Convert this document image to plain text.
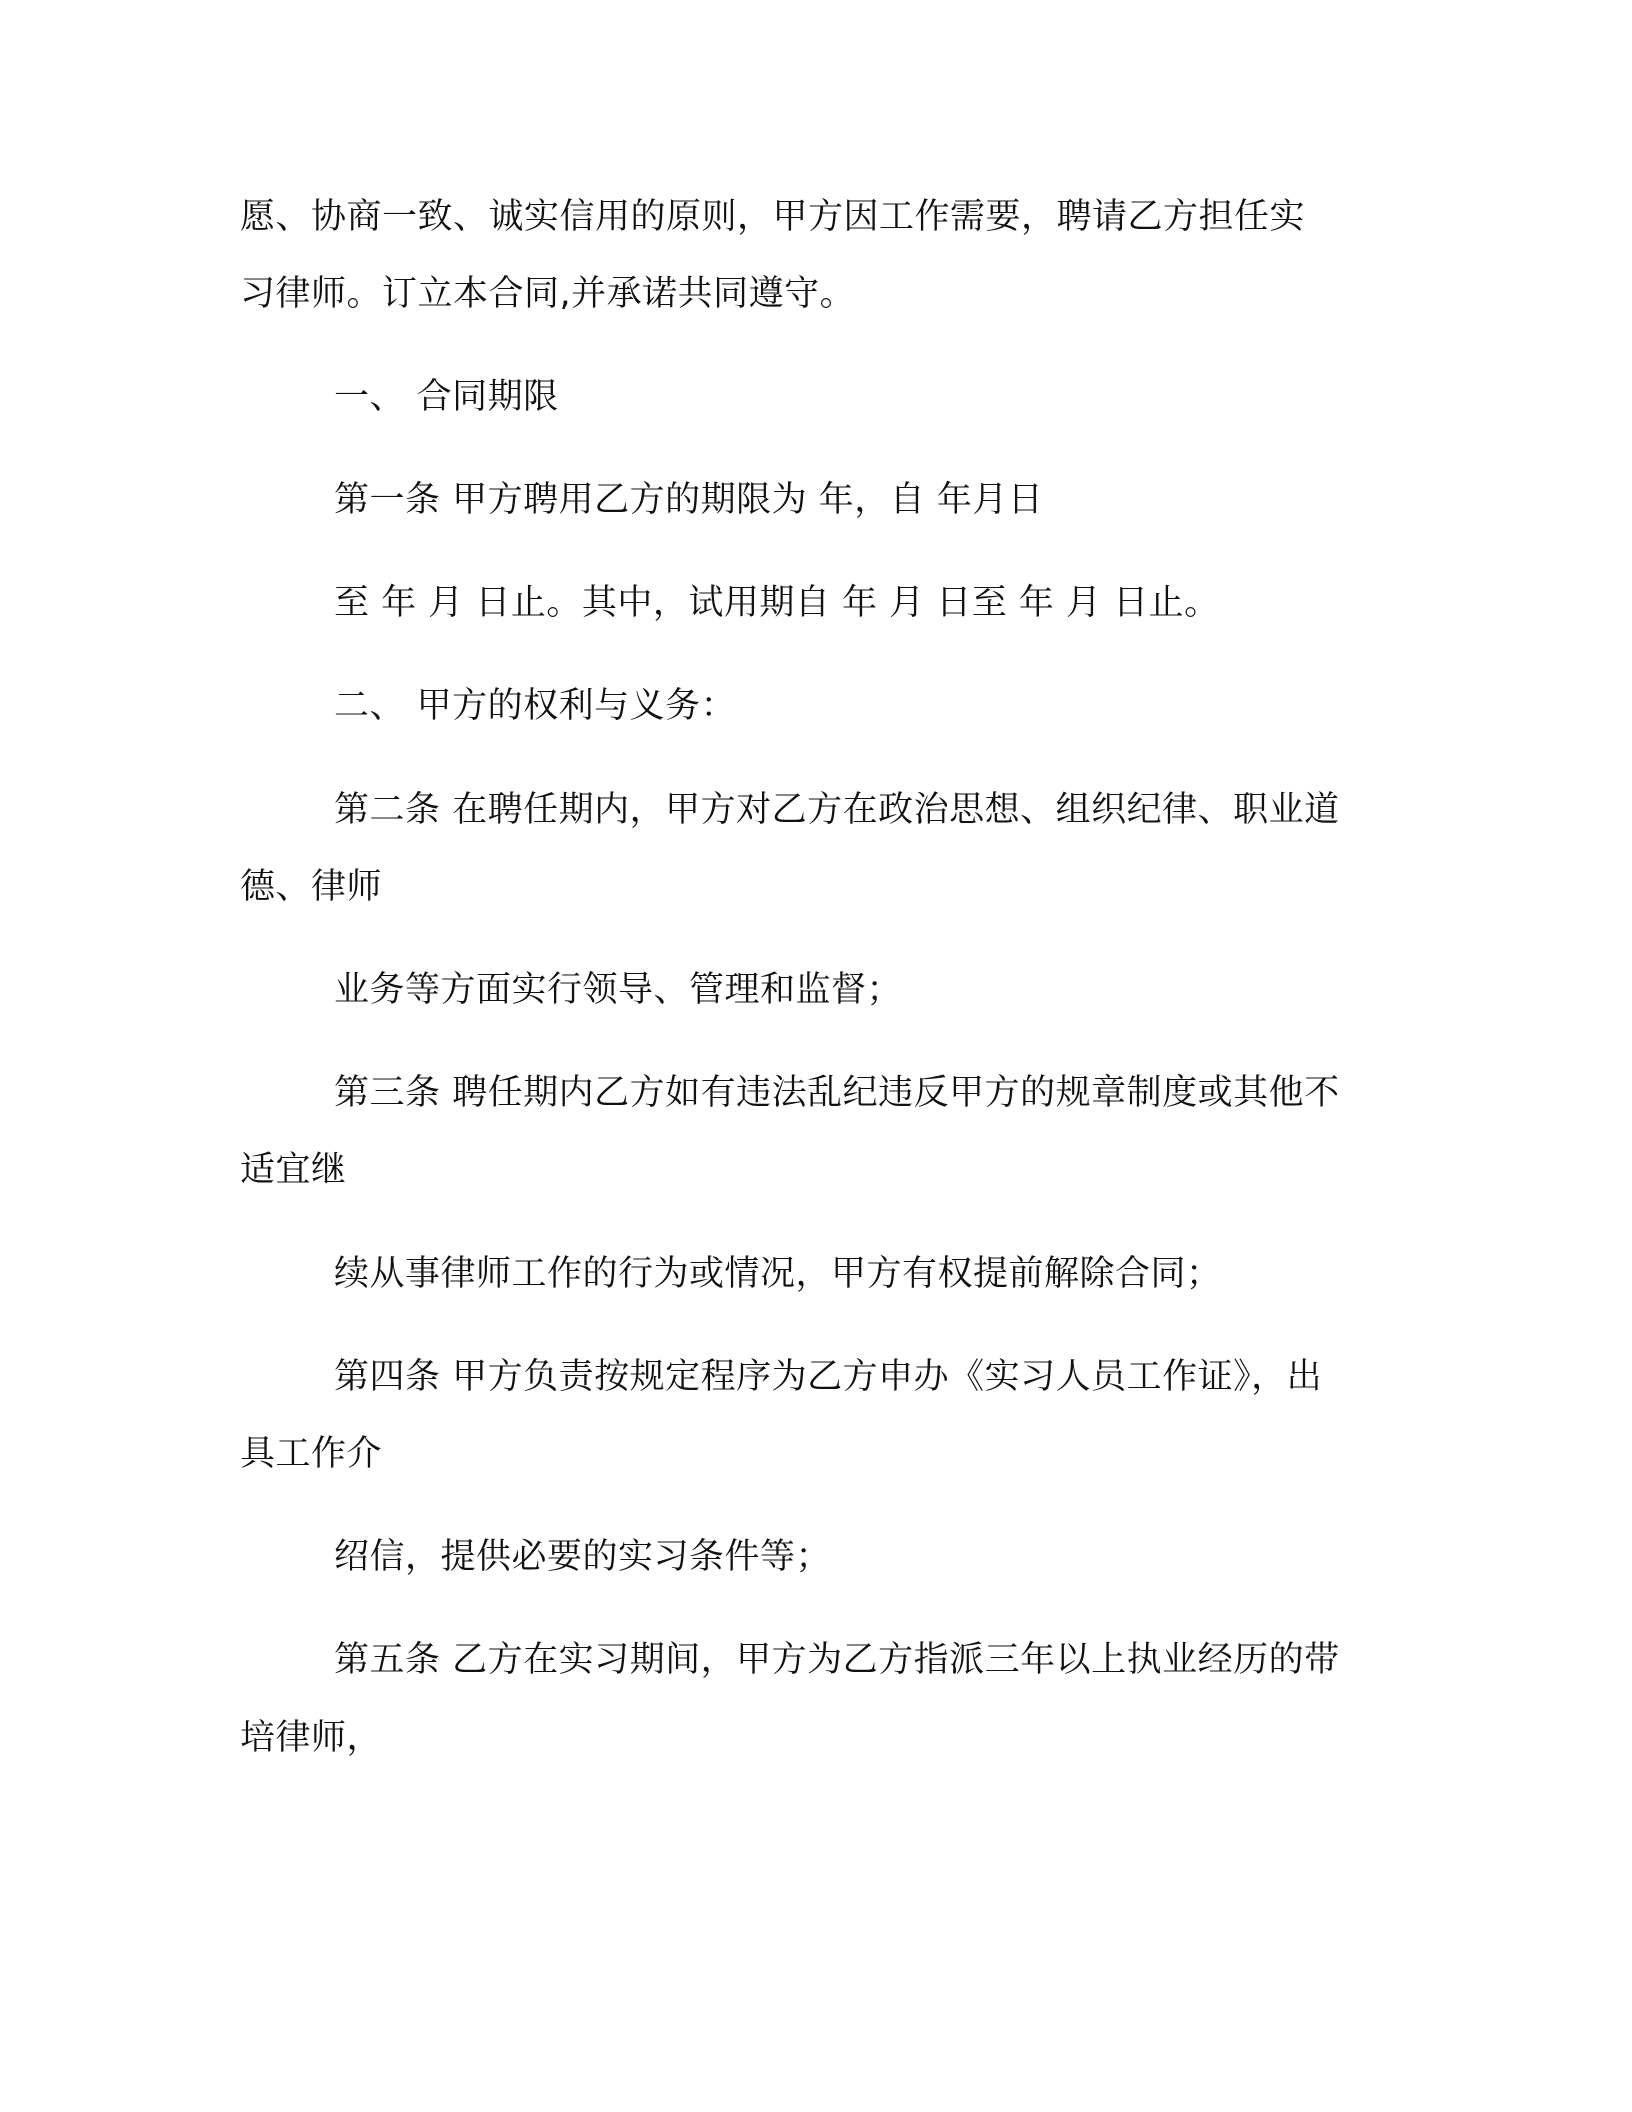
愿、协商一致、诚实信用的原则，甲方因工作需要，聘请乙方担任实
习律师。订立本合同,并承诺共同遵守。
一、 合同期限
第一条 甲方聘用乙方的期限为 年，自 年月日
至 年 月 日止。其中，试用期自 年 月 日至 年 月 日止。
二、 甲方的权利与义务：
第二条 在聘任期内，甲方对乙方在政治思想、组织纪律、职业道
德、律师
业务等方面实行领导、管理和监督；
第三条 聘任期内乙方如有违法乱纪违反甲方的规章制度或其他不
适宜继
续从事律师工作的行为或情况，甲方有权提前解除合同；
第四条 甲方负责按规定程序为乙方申办《实习人员工作证》，出
具工作介
绍信，提供必要的实习条件等；
第五条 乙方在实习期间，甲方为乙方指派三年以上执业经历的带
培律师，
